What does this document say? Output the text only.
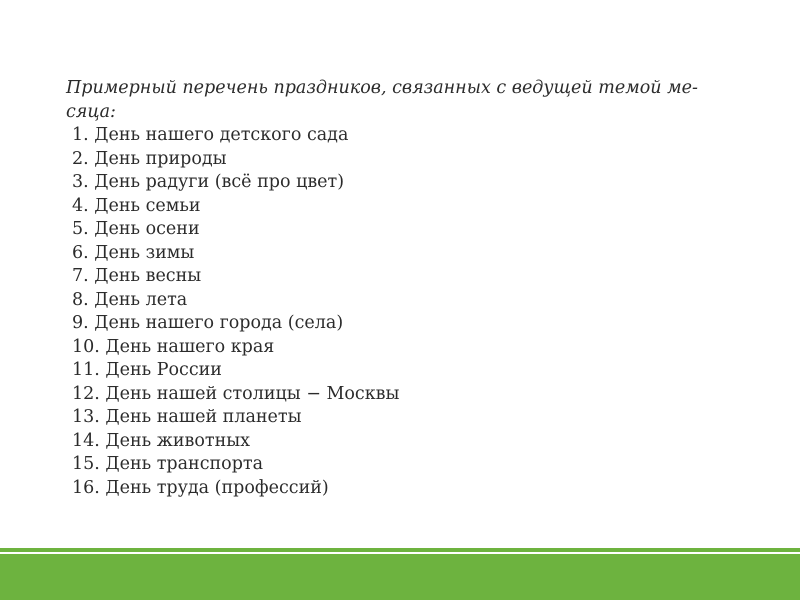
Примерный перечень праздников, связанных с ведущей темой ме-
сяца:

1. День нашего детского сада
2. День природы
3. День радуги (всё про цвет)
4. День семьи
5. День осени
6. День зимы
7. День весны
8. День лета
9. День нашего города (села)
10. День нашего края
11. День России
12. День нашей столицы − Москвы
13. День нашей планеты
14. День животных
15. День транспорта
16. День труда (профессий)
